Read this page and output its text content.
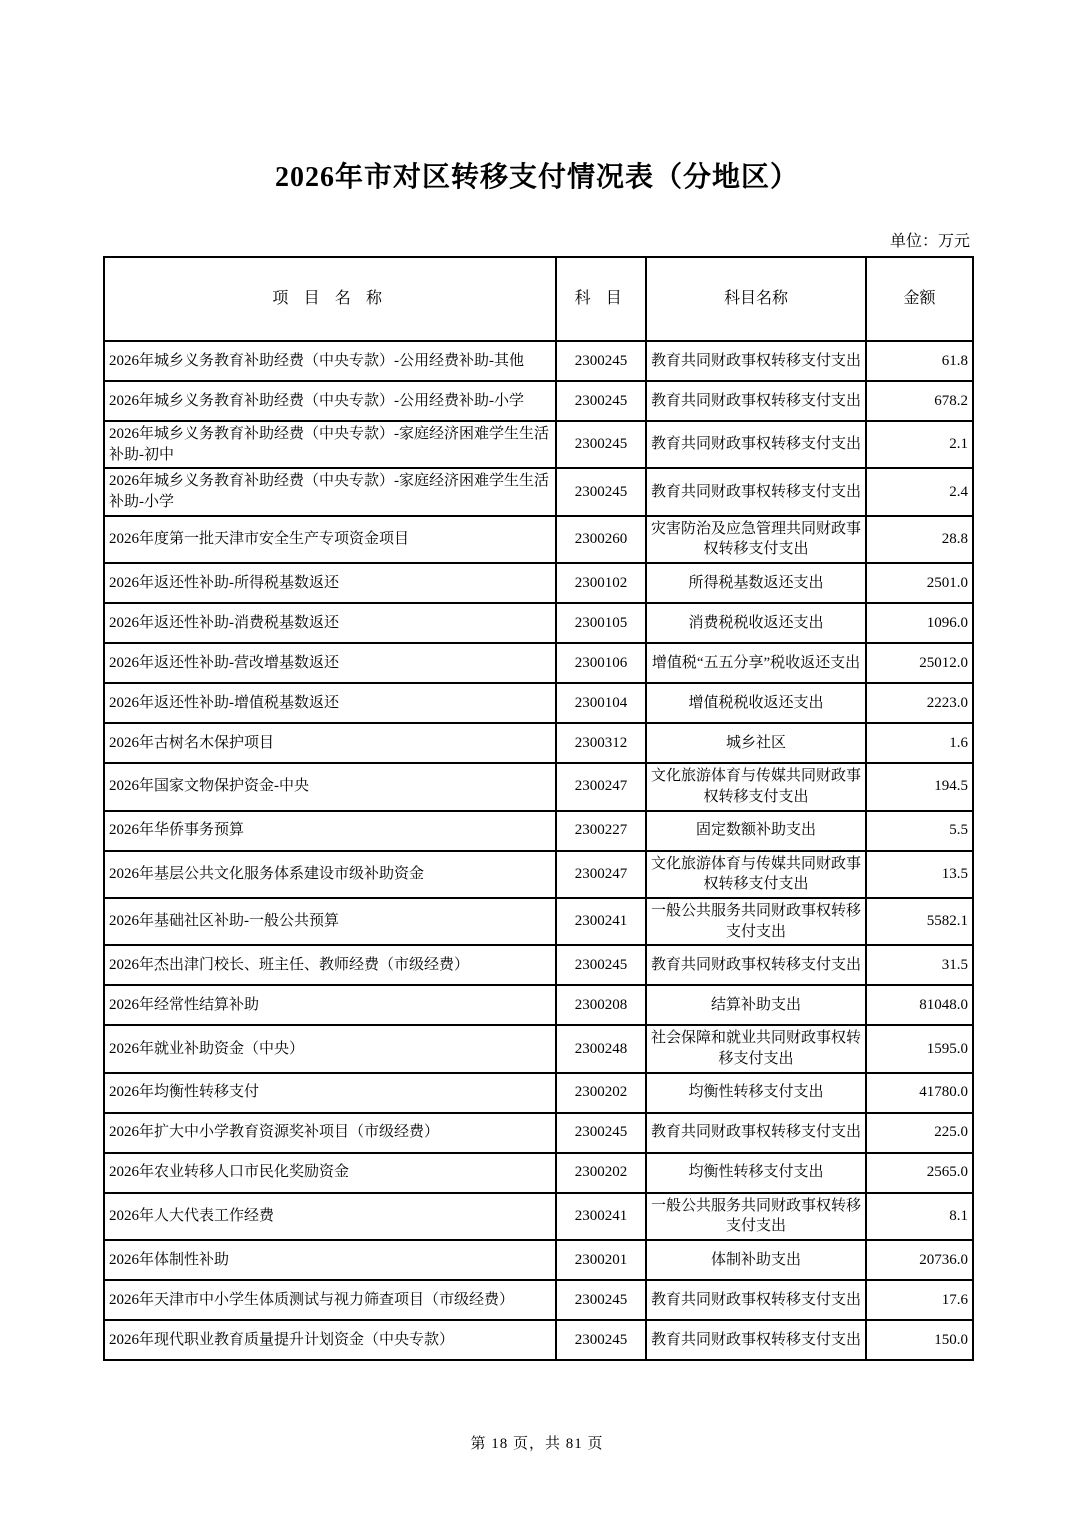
2026年市对区转移支付情况表（分地区）
单位：万元
项 目 名 称	科 目	科目名称	金额
2026年城乡义务教育补助经费（中央专款）-公用经费补助-其他	2300245	教育共同财政事权转移支付支出	61.8
2026年城乡义务教育补助经费（中央专款）-公用经费补助-小学	2300245	教育共同财政事权转移支付支出	678.2
2026年城乡义务教育补助经费（中央专款）-家庭经济困难学生生活补助-初中	2300245	教育共同财政事权转移支付支出	2.1
2026年城乡义务教育补助经费（中央专款）-家庭经济困难学生生活补助-小学	2300245	教育共同财政事权转移支付支出	2.4
2026年度第一批天津市安全生产专项资金项目	2300260	灾害防治及应急管理共同财政事权转移支付支出	28.8
2026年返还性补助-所得税基数返还	2300102	所得税基数返还支出	2501.0
2026年返还性补助-消费税基数返还	2300105	消费税税收返还支出	1096.0
2026年返还性补助-营改增基数返还	2300106	增值税“五五分享”税收返还支出	25012.0
2026年返还性补助-增值税基数返还	2300104	增值税税收返还支出	2223.0
2026年古树名木保护项目	2300312	城乡社区	1.6
2026年国家文物保护资金-中央	2300247	文化旅游体育与传媒共同财政事权转移支付支出	194.5
2026年华侨事务预算	2300227	固定数额补助支出	5.5
2026年基层公共文化服务体系建设市级补助资金	2300247	文化旅游体育与传媒共同财政事权转移支付支出	13.5
2026年基础社区补助-一般公共预算	2300241	一般公共服务共同财政事权转移支付支出	5582.1
2026年杰出津门校长、班主任、教师经费（市级经费）	2300245	教育共同财政事权转移支付支出	31.5
2026年经常性结算补助	2300208	结算补助支出	81048.0
2026年就业补助资金（中央）	2300248	社会保障和就业共同财政事权转移支付支出	1595.0
2026年均衡性转移支付	2300202	均衡性转移支付支出	41780.0
2026年扩大中小学教育资源奖补项目（市级经费）	2300245	教育共同财政事权转移支付支出	225.0
2026年农业转移人口市民化奖励资金	2300202	均衡性转移支付支出	2565.0
2026年人大代表工作经费	2300241	一般公共服务共同财政事权转移支付支出	8.1
2026年体制性补助	2300201	体制补助支出	20736.0
2026年天津市中小学生体质测试与视力筛查项目（市级经费）	2300245	教育共同财政事权转移支付支出	17.6
2026年现代职业教育质量提升计划资金（中央专款）	2300245	教育共同财政事权转移支付支出	150.0
第 18 页，共 81 页
